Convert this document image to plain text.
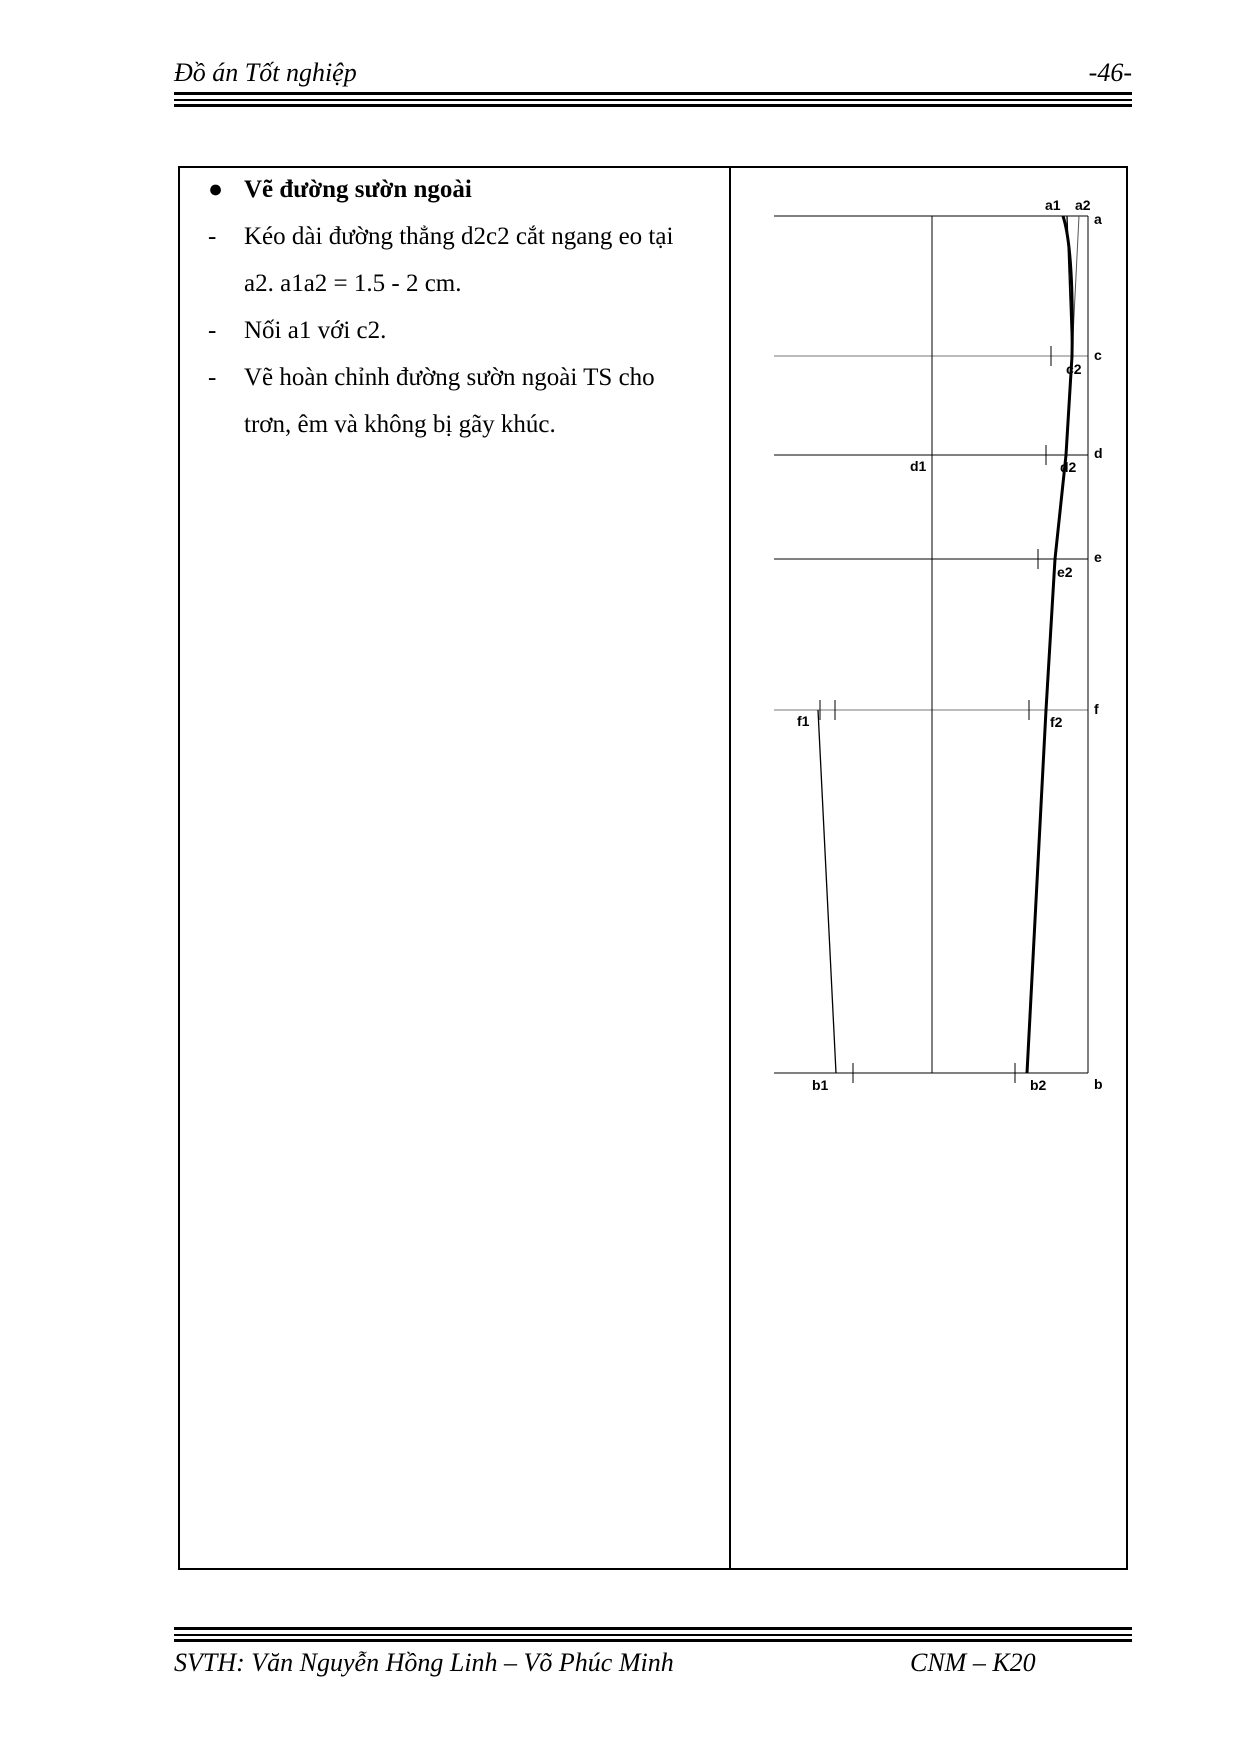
Đồ án Tốt nghiệp	-46-
● Vẽ đường sườn ngoài
- Kéo dài đường thẳng d2c2 cắt ngang eo tại
a2. a1a2 = 1.5 - 2 cm.
- Nối a1 với c2.
- Vẽ hoàn chỉnh đường sườn ngoài TS cho
trơn, êm và không bị gãy khúc.
a1 a2
a
c
c2
d
d1	d2
e
e2
f
f1	f2
b
b1	b2
SVTH: Văn Nguyễn Hồng Linh – Võ Phúc Minh	CNM – K20
